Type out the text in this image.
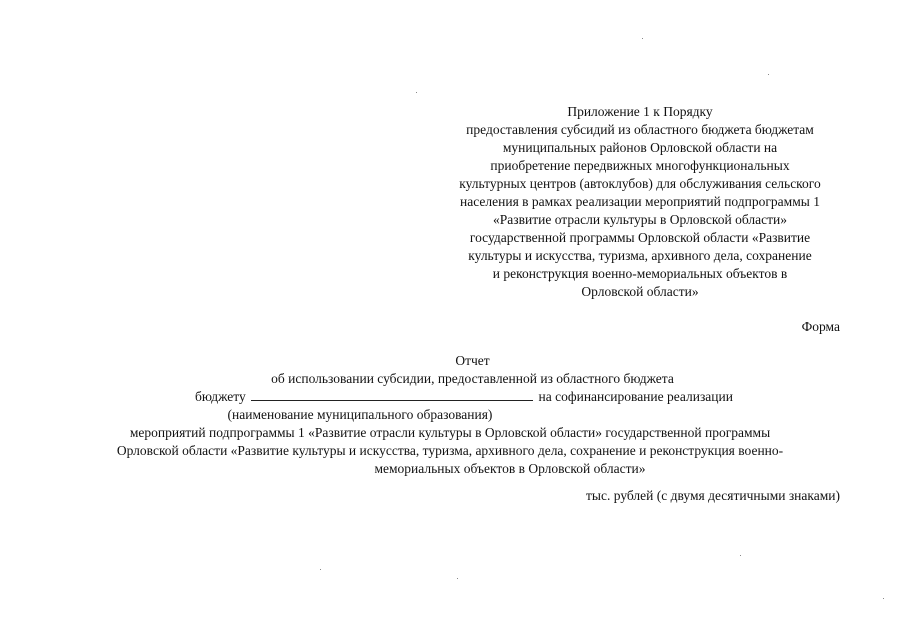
Приложение 1 к Порядку
предоставления субсидий из областного бюджета бюджетам
муниципальных районов Орловской области на
приобретение передвижных многофункциональных
культурных центров (автоклубов) для обслуживания сельского
населения в рамках реализации мероприятий подпрограммы 1
«Развитие отрасли культуры в Орловской области»
государственной программы Орловской области «Развитие
культуры и искусства, туризма, архивного дела, сохранение
и реконструкция военно-мемориальных объектов в
Орловской области»
Форма
Отчет
об использовании субсидии, предоставленной из областного бюджета
бюджету	на софинансирование реализации
(наименование муниципального образования)
мероприятий подпрограммы 1 «Развитие отрасли культуры в Орловской области» государственной программы
Орловской области «Развитие культуры и искусства, туризма, архивного дела, сохранение и реконструкция военно-
мемориальных объектов в Орловской области»
тыс. рублей (с двумя десятичными знаками)
